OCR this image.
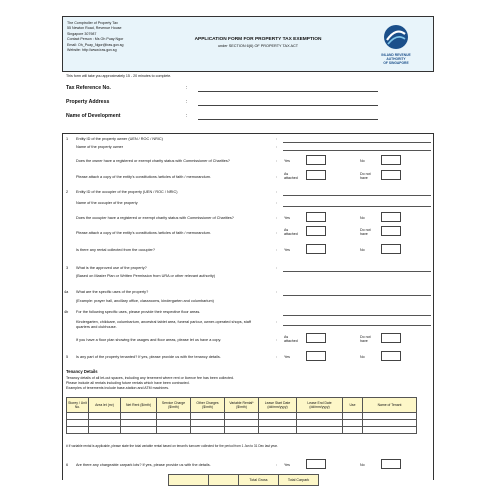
The Comptroller of Property Tax
55 Newton Road, Revenue House
Singapore 307987
Contact Person : Ms Oh Puay Ngor
Email: Oh_Puay_Ngor@iras.gov.sg
Website: http://www.iras.gov.sg
APPLICATION FORM FOR PROPERTY TAX EXEMPTION
under SECTION 6(6) OF PROPERTY TAX ACT
INLAND REVENUE
AUTHORITY
OF SINGAPORE
This form will take you approximately 15 - 20 minutes to complete.
Tax Reference No.	:
Property Address	:
Name of Development	:
1 Entity ID of the property owner (UEN / ROC / NRIC)	:
Name of the property owner	:
Does the owner have a registered or exempt charity status with Commissioner of Charities?	: Yes	No
Please attach a copy of the entity's constitutions /articles of faith / memorandum.	:
As
attached
Do not
have
2 Entity ID of the occupier of the property (UEN / ROC / NRIC)	:
Name of the occupier of the property	:
Does the occupier have a registered or exempt charity status with Commissioner of Charities?	: Yes	No
Please attach a copy of the entity's constitutions /articles of faith / memorandum.	:
As
attached
Do not
have
Is there any rental collected from the occupier?	: Yes	No
3 What is the approved use of the property?	:
(Based on Master Plan or Written Permission from URA or other relevant authority)
4a What are the specific uses of the property?	:
(Example: prayer hall, ancillary office, classrooms, kindergarten and columbarium)
4b For the following specific uses, please provide their respective floor areas.
Kindergarten, childcare, columbarium, ancestral tablet area, funeral parlour, owner-operated shops, staff
quarters and clubhouse.
:
If you have a floor plan showing the usages and floor areas, please let us have a copy.	:
As
attached
Do not
have
5 Is any part of the property tenanted? If yes, please provide us with the tenancy details.	: Yes	No
Tenancy Details
Tenancy details of all let-out spaces, including any tenement where rent or licence fee has been collected.
Please include all rentals including future rentals which have been contracted.
Examples of tenements include base-station and ATM machines.
Storey / Unit No.	Area let (m²)	Net Rent ($/mth)	Service Charge ($/mth)	Other Charges ($/mth)	Variable Rental* ($/mth)	Lease Start Date (dd/mm/yyyy)	Lease End Date (dd/mm/yyyy)	Use	Name of Tenant

# If variable rental is applicable, please state the total variable rental based on tenant's turnover collected for the period from 1 Jan to 31 Dec last year.
6 Are there any chargeable carpark lots? If yes, please provide us with the details.	: Yes	No
		Total Gross	Total Carpark
